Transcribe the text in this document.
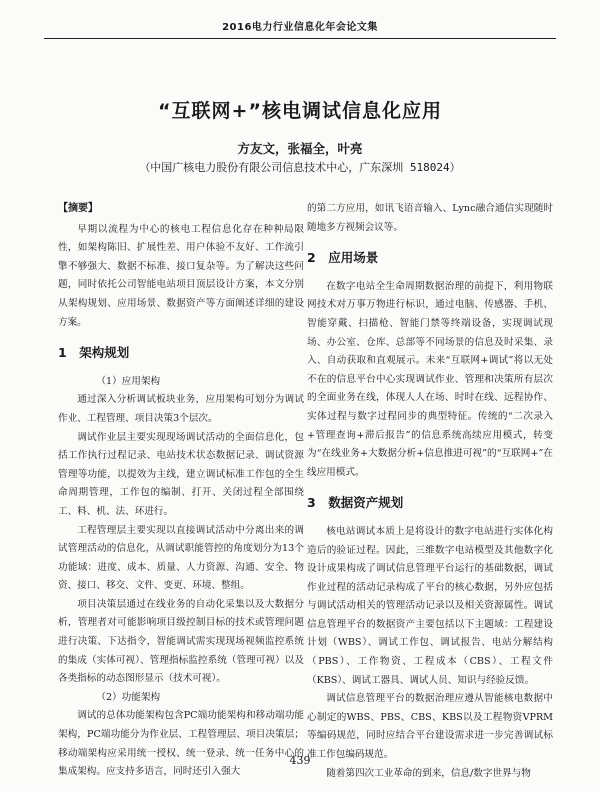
2016电力行业信息化年会论文集
“互联网+”核电调试信息化应用
方友文，张福全，叶亮
（中国广核电力股份有限公司信息技术中心，广东深圳 518024）
【摘要】

早期以流程为中心的核电工程信息化存在种种局限性，如架构陈旧、扩展性差、用户体验不友好、工作流引擎不够强大、数据不标准、接口复杂等。为了解决这些问题，同时依托公司智能电站项目顶层设计方案，本文分别从架构规划、应用场景、数据资产等方面阐述详细的建设方案。

1　架构规划

（1）应用架构

通过深入分析调试板块业务，应用架构可划分为调试作业、工程管理、项目决策3个层次。

调试作业层主要实现现场调试活动的全面信息化，包括工作执行过程记录、电站技术状态数据记录、调试资源管理等功能，以提效为主线，建立调试标准工作包的全生命周期管理，工作包的编制、打开、关闭过程全部围绕工、料、机、法、环进行。

工程管理层主要实现以直接调试活动中分离出来的调试管理活动的信息化，从调试职能管控的角度划分为13个功能域：进度、成本、质量、人力资源、沟通、安全、物资、接口、移交、文件、变更、环境、整组。

项目决策层通过在线业务的自动化采集以及大数据分析，管理者对可能影响项目级控制目标的技术或管理问题进行决策、下达指令，智能调试需实现现场视频监控系统的集成（实体可视）、管理指标监控系统（管理可视）以及各类指标的动态图形显示（技术可视）。

（2）功能架构

调试的总体功能架构包含PC端功能架构和移动端功能架构，PC端功能分为作业层、工程管理层、项目决策层；移动端架构应采用统一授权、统一登录、统一任务中心的集成架构。应支持多语言，同时还引入强大

的第二方应用，如讯飞语音输入、Lync融合通信实现随时随地多方视频会议等。

2　应用场景

在数字电站全生命周期数据治理的前提下，利用物联网技术对万事万物进行标识，通过电脑、传感器、手机、智能穿戴、扫描枪、智能门禁等终端设备，实现调试现场、办公室、仓库、总部等不同场景的信息及时采集、录入、自动获取和直观展示。未来“互联网+调试”将以无处不在的信息平台中心实现调试作业、管理和决策所有层次的全面业务在线，体现人人在场、时时在线、远程协作、实体过程与数字过程同步的典型特征。传统的“二次录入+管理查询+滞后报告”的信息系统高续应用模式，转变为“在线业务+大数据分析+信息推进可视”的“互联网+”在线应用模式。

3　数据资产规划

核电站调试本质上是将设计的数字电站进行实体化构造后的验证过程。因此，三维数字电站模型及其他数字化设计成果构成了调试信息管理平台运行的基础数据，调试作业过程的活动记录构成了平台的核心数据，另外应包括与调试活动相关的管理活动记录以及相关资源属性。调试信息管理平台的数据资产主要包括以下主题域：工程建设计划（WBS）、调试工作包、调试报告、电站分解结构（PBS）、工作物资、工程成本（CBS）、工程文件（KBS）、调试工器具、调试人员、知识与经验反馈。

调试信息管理平台的数据治理应遵从智能核电数据中心制定的WBS、PBS、CBS、KBS以及工程物资VPRM等编码规范，同时应结合平台建设需求进一步完善调试标准工作包编码规范。

随着第四次工业革命的到来，信息/数字世界与物

439
